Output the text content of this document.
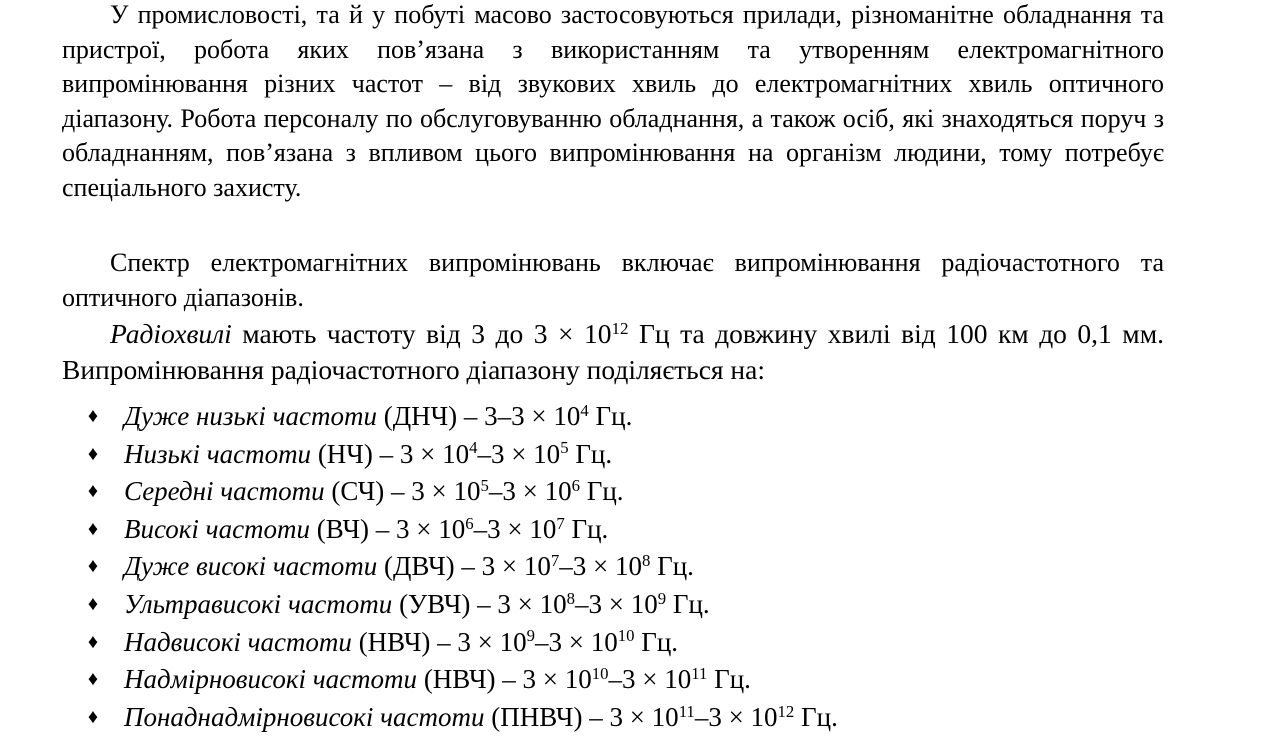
У промисловості, та й у побуті масово застосовуються прилади, різноманітне обладнання та пристрої, робота яких пов’язана з використанням та утворенням електромагнітного випромінювання різних частот – від звукових хвиль до електромагнітних хвиль оптичного діапазону. Робота персоналу по обслуговуванню обладнання, а також осіб, які знаходяться поруч з обладнанням, пов’язана з впливом цього випромінювання на організм людини, тому потребує спеціального захисту.

Спектр електромагнітних випромінювань включає випромінювання радіочастотного та оптичного діапазонів.

Радіохвилі мають частоту від 3 до $3 \times 10^{12}$ Гц та довжину хвилі від 100 км до 0,1 мм. Випромінювання радіочастотного діапазону поділяється на:

♦ Дуже низькі частоти $(ДНЧ) - 3-3 \times 10^4$ Гц.
♦ Низькі частоти $(НЧ) - 3 \times 10^4-3 \times 10^5$ Гц.
♦ Середні частоти $(СЧ) - 3 \times 10^5-3 \times 10^6$ Гц.
♦ Високі частоти $(ВЧ) - 3 \times 10^6-3 \times 10^7$ Гц.
♦ Дуже високі частоти $(ДВЧ) - 3 \times 10^7-3 \times 10^8$ Гц.
♦ Ультрависокі частоти $(УВЧ) - 3 \times 10^8-3 \times 10^9$ Гц.
♦ Надвисокі частоти $(НВЧ) - 3 \times 10^9-3 \times 10^{10}$ Гц.
♦ Надмірновисокі частоти $(НВЧ) - 3 \times 10^{10}-3 \times 10^{11}$ Гц.
♦ Понаднадмірновисокі частоти (ПНВЧ) – $3 \times 10^{11}-3 \times 10^{12}$ Гц.
